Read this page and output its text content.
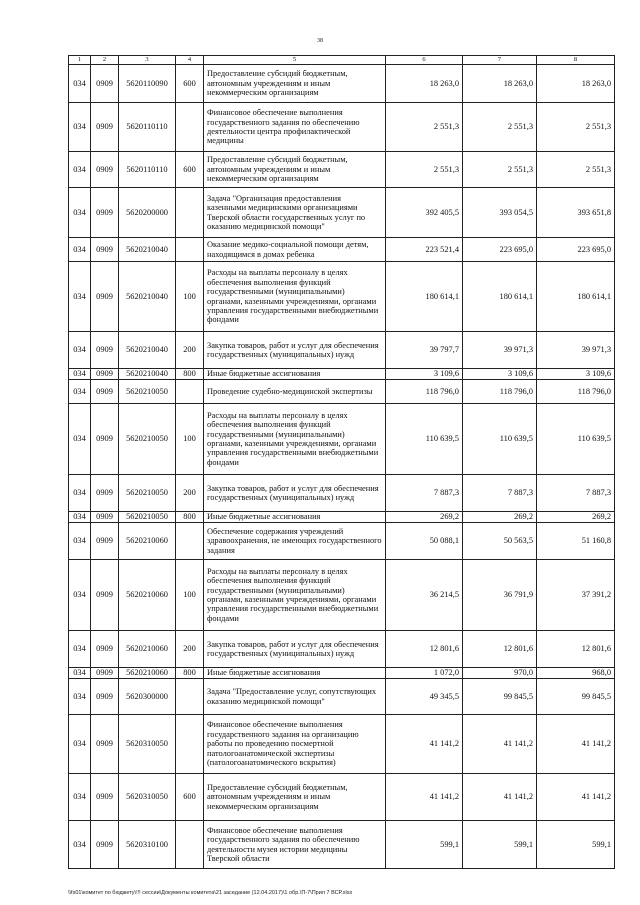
38
1	2	3	4	5	6	7	8
034	0909	5620110090	600	Предоставление субсидий бюджетным, автономным учреждениям и иным некоммерческим организациям	18 263,0	18 263,0	18 263,0
034	0909	5620110110		Финансовое обеспечение выполнения государственного задания по обеспечению деятельности центра профилактической медицины	2 551,3	2 551,3	2 551,3
034	0909	5620110110	600	Предоставление субсидий бюджетным, автономным учреждениям и иным некоммерческим организациям	2 551,3	2 551,3	2 551,3
034	0909	5620200000		Задача "Организация предоставления казенными медицинскими организациями Тверской области государственных услуг по оказанию медицинской помощи"	392 405,5	393 054,5	393 651,8
034	0909	5620210040		Оказание медико-социальной помощи детям, находящимся в домах ребенка	223 521,4	223 695,0	223 695,0
034	0909	5620210040	100	Расходы на выплаты персоналу в целях обеспечения выполнения функций государственными (муниципальными) органами, казенными учреждениями, органами управления государственными внебюджетными фондами	180 614,1	180 614,1	180 614,1
034	0909	5620210040	200	Закупка товаров, работ и услуг для обеспечения государственных (муниципальных) нужд	39 797,7	39 971,3	39 971,3
034	0909	5620210040	800	Иные бюджетные ассигнования	3 109,6	3 109,6	3 109,6
034	0909	5620210050		Проведение судебно-медицинской экспертизы	118 796,0	118 796,0	118 796,0
034	0909	5620210050	100	Расходы на выплаты персоналу в целях обеспечения выполнения функций государственными (муниципальными) органами, казенными учреждениями, органами управления государственными внебюджетными фондами	110 639,5	110 639,5	110 639,5
034	0909	5620210050	200	Закупка товаров, работ и услуг для обеспечения государственных (муниципальных) нужд	7 887,3	7 887,3	7 887,3
034	0909	5620210050	800	Иные бюджетные ассигнования	269,2	269,2	269,2
034	0909	5620210060		Обеспечение содержания учреждений здравоохранения, не имеющих государственного задания	50 088,1	50 563,5	51 160,8
034	0909	5620210060	100	Расходы на выплаты персоналу в целях обеспечения выполнения функций государственными (муниципальными) органами, казенными учреждениями, органами управления государственными внебюджетными фондами	36 214,5	36 791,9	37 391,2
034	0909	5620210060	200	Закупка товаров, работ и услуг для обеспечения государственных (муниципальных) нужд	12 801,6	12 801,6	12 801,6
034	0909	5620210060	800	Иные бюджетные ассигнования	1 072,0	970,0	968,0
034	0909	5620300000		Задача "Предоставление услуг, сопутствующих оказанию медицинской помощи"	49 345,5	99 845,5	99 845,5
034	0909	5620310050		Финансовое обеспечение выполнения государственного задания на организацию работы по проведению посмертной патологоанатомической экспертизы (патологоанатомического вскрытия)	41 141,2	41 141,2	41 141,2
034	0909	5620310050	600	Предоставление субсидий бюджетным, автономным учреждениям и иным некоммерческим организациям	41 141,2	41 141,2	41 141,2
034	0909	5620310100		Финансовое обеспечение выполнения государственного задания по обеспечению деятельности музея истории медицины Тверской области	599,1	599,1	599,1
\\fs01\комитет по бюджету\!!! сессии\Документы комитета\21 заседание (12.04.2017)\1 обр.\П-7\Прил 7 ВСР.xlsx
